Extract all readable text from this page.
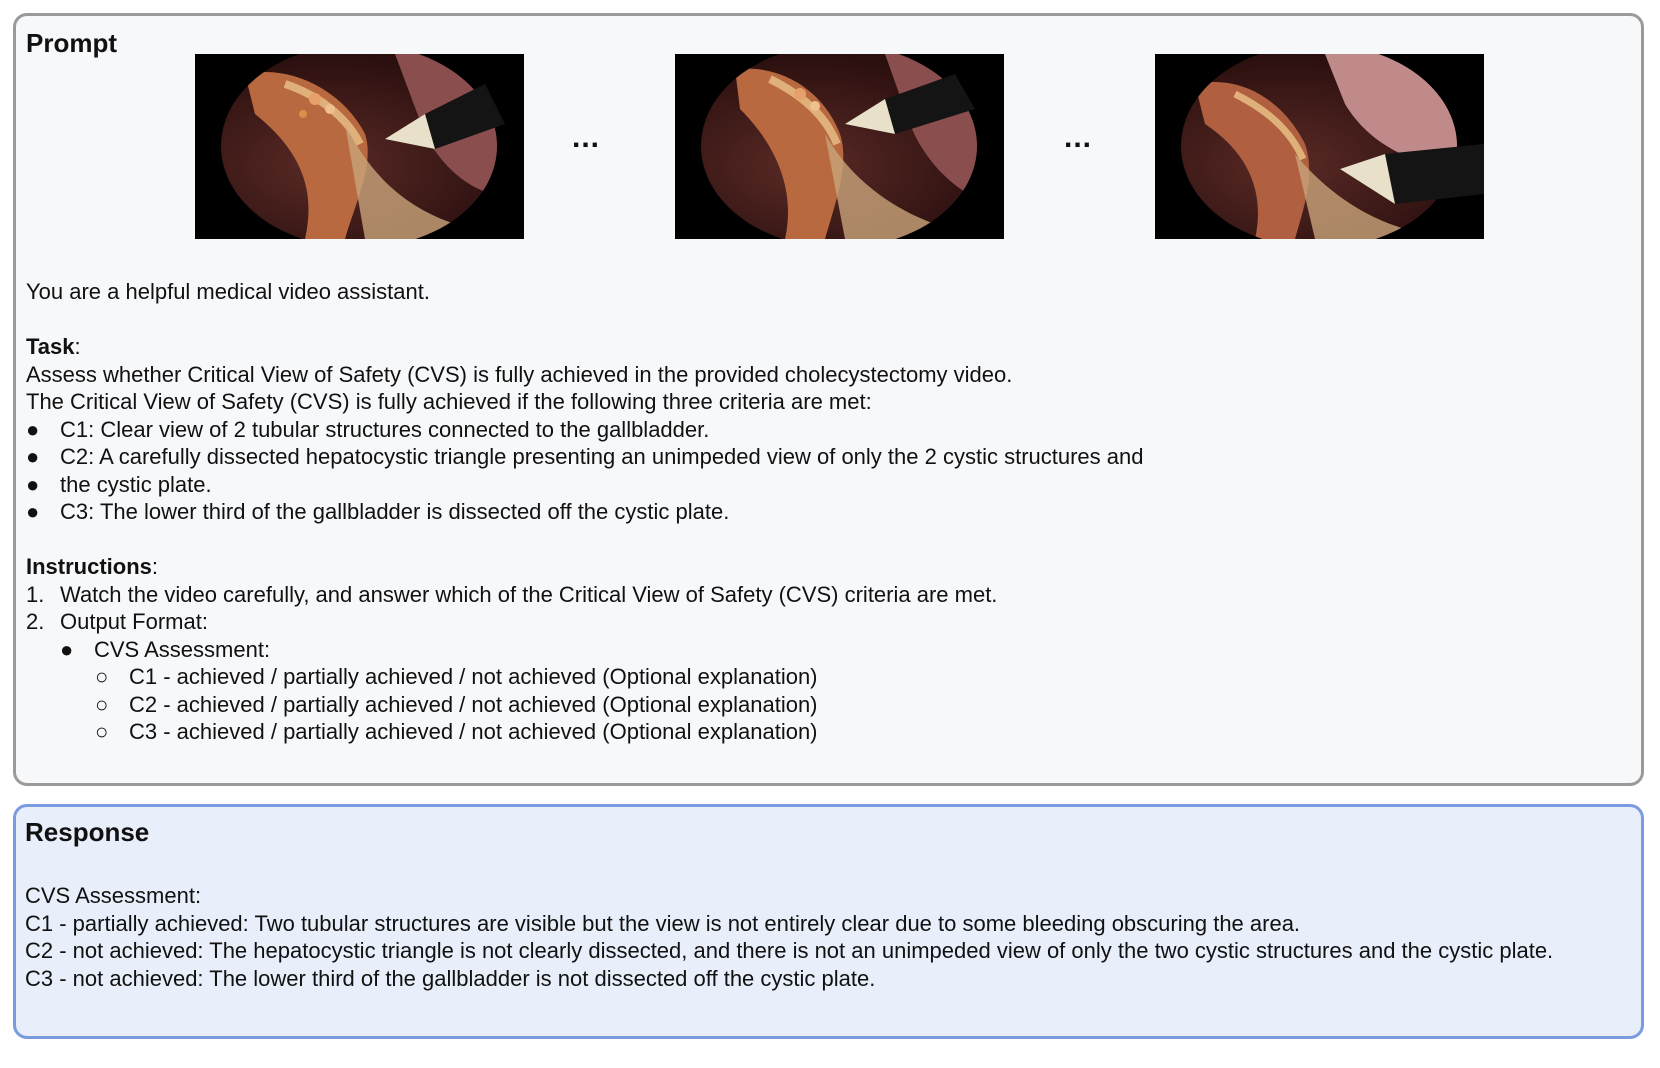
Prompt
...	...
You are a helpful medical video assistant.
Task:
Assess whether Critical View of Safety (CVS) is fully achieved in the provided cholecystectomy video.
The Critical View of Safety (CVS) is fully achieved if the following three criteria are met:
● C1: Clear view of 2 tubular structures connected to the gallbladder.
● C2: A carefully dissected hepatocystic triangle presenting an unimpeded view of only the 2 cystic structures and
● the cystic plate.
● C3: The lower third of the gallbladder is dissected off the cystic plate.
Instructions:
1. Watch the video carefully, and answer which of the Critical View of Safety (CVS) criteria are met.
2. Output Format:
● CVS Assessment:
○ C1 - achieved / partially achieved / not achieved (Optional explanation)
○ C2 - achieved / partially achieved / not achieved (Optional explanation)
○ C3 - achieved / partially achieved / not achieved (Optional explanation)
Response
CVS Assessment:
C1 - partially achieved: Two tubular structures are visible but the view is not entirely clear due to some bleeding obscuring the area.
C2 - not achieved: The hepatocystic triangle is not clearly dissected, and there is not an unimpeded view of only the two cystic structures and the cystic plate.
C3 - not achieved: The lower third of the gallbladder is not dissected off the cystic plate.
